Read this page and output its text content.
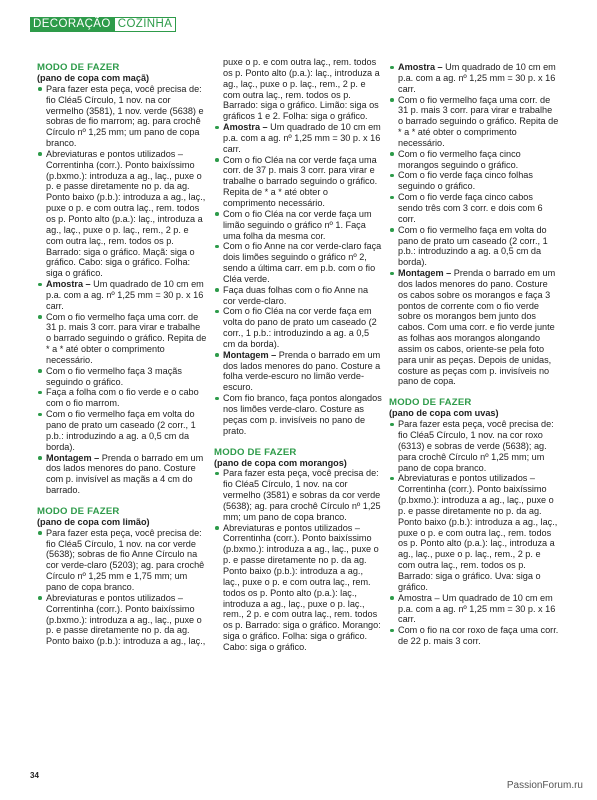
DECORAÇÃO COZINHA
MODO DE FAZER
(pano de copa com maçã)
Para fazer esta peça, você precisa de: fio Cléa5 Círculo, 1 nov. na cor vermelho (3581), 1 nov. verde (5638) e sobras de fio marrom; ag. para crochê Círculo nº 1,25 mm; um pano de copa branco.
Abreviaturas e pontos utilizados – Correntinha (corr.). Ponto baixíssimo (p.bxmo.): introduza a ag., laç., puxe o p. e passe diretamente no p. da ag. Ponto baixo (p.b.): introduza a ag., laç., puxe o p. e com outra laç., rem. todos os p. Ponto alto (p.a.): laç., introduza a ag., laç., puxe o p. laç., rem., 2 p. e com outra laç., rem. todos os p. Barrado: siga o gráfico. Maçã: siga o gráfico. Cabo: siga o gráfico. Folha: siga o gráfico.
Amostra – Um quadrado de 10 cm em p.a. com a ag. nº 1,25 mm = 30 p. x 16 carr.
Com o fio vermelho faça uma corr. de 31 p. mais 3 corr. para virar e trabalhe o barrado seguindo o gráfico. Repita de * a * até obter o comprimento necessário.
Com o fio vermelho faça 3 maçãs seguindo o gráfico.
Faça a folha com o fio verde e o cabo com o fio marrom.
Com o fio vermelho faça em volta do pano de prato um caseado (2 corr., 1 p.b.: introduzindo a ag. a 0,5 cm da borda).
Montagem – Prenda o barrado em um dos lados menores do pano. Costure com p. invisível as maçãs a 4 cm do barrado.
MODO DE FAZER
(pano de copa com limão)
Para fazer esta peça, você precisa de: fio Cléa5 Círculo, 1 nov. na cor verde (5638); sobras de fio Anne Círculo na cor verde-claro (5203); ag. para crochê Círculo nº 1,25 mm e 1,75 mm; um pano de copa branco.
Abreviaturas e pontos utilizados – Correntinha (corr.). Ponto baixíssimo (p.bxmo.): introduza a ag., laç., puxe o p. e passe diretamente no p. da ag. Ponto baixo (p.b.): introduza a ag., laç.,
puxe o p. e com outra laç., rem. todos os p. Ponto alto (p.a.): laç., introduza a ag., laç., puxe o p. laç., rem., 2 p. e com outra laç., rem. todos os p. Barrado: siga o gráfico. Limão: siga os gráficos 1 e 2. Folha: siga o gráfico.
Amostra – Um quadrado de 10 cm em p.a. com a ag. nº 1,25 mm = 30 p. x 16 carr.
Com o fio Cléa na cor verde faça uma corr. de 37 p. mais 3 corr. para virar e trabalhe o barrado seguindo o gráfico. Repita de * a * até obter o comprimento necessário.
Com o fio Cléa na cor verde faça um limão seguindo o gráfico nº 1. Faça uma folha da mesma cor.
Com o fio Anne na cor verde-claro faça dois limões seguindo o gráfico nº 2, sendo a última carr. em p.b. com o fio Cléa verde.
Faça duas folhas com o fio Anne na cor verde-claro.
Com o fio Cléa na cor verde faça em volta do pano de prato um caseado (2 corr., 1 p.b.: introduzindo a ag. a 0,5 cm da borda).
Montagem – Prenda o barrado em um dos lados menores do pano. Costure a folha verde-escuro no limão verde-escuro.
Com fio branco, faça pontos alongados nos limões verde-claro. Costure as peças com p. invisíveis no pano de prato.
MODO DE FAZER
(pano de copa com morangos)
Para fazer esta peça, você precisa de: fio Cléa5 Círculo, 1 nov. na cor vermelho (3581) e sobras da cor verde (5638); ag. para crochê Círculo nº 1,25 mm; um pano de copa branco.
Abreviaturas e pontos utilizados – Correntinha (corr.). Ponto baixíssimo (p.bxmo.): introduza a ag., laç., puxe o p. e passe diretamente no p. da ag. Ponto baixo (p.b.): introduza a ag., laç., puxe o p. e com outra laç., rem. todos os p. Ponto alto (p.a.): laç., introduza a ag., laç., puxe o p. laç., rem., 2 p. e com outra laç., rem. todos os p. Barrado: siga o gráfico. Morango: siga o gráfico. Folha: siga o gráfico. Cabo: siga o gráfico.
Amostra – Um quadrado de 10 cm em p.a. com a ag. nº 1,25 mm = 30 p. x 16 carr.
Com o fio vermelho faça uma corr. de 31 p. mais 3 corr. para virar e trabalhe o barrado seguindo o gráfico. Repita de * a * até obter o comprimento necessário.
Com o fio vermelho faça cinco morangos seguindo o gráfico.
Com o fio verde faça cinco folhas seguindo o gráfico.
Com o fio verde faça cinco cabos sendo três com 3 corr. e dois com 6 corr.
Com o fio vermelho faça em volta do pano de prato um caseado (2 corr., 1 p.b.: introduzindo a ag. a 0,5 cm da borda).
Montagem – Prenda o barrado em um dos lados menores do pano. Costure os cabos sobre os morangos e faça 3 pontos de corrente com o fio verde sobre os morangos bem junto dos cabos. Com uma corr. e fio verde junte as folhas aos morangos alongando assim os cabos, oriente-se pela foto para unir as peças. Depois de unidas, costure as peças com p. invisíveis no pano de copa.
MODO DE FAZER
(pano de copa com uvas)
Para fazer esta peça, você precisa de: fio Cléa5 Círculo, 1 nov. na cor roxo (6313) e sobras de verde (5638); ag. para crochê Círculo nº 1,25 mm; um pano de copa branco.
Abreviaturas e pontos utilizados – Correntinha (corr.). Ponto baixíssimo (p.bxmo.): introduza a ag., laç., puxe o p. e passe diretamente no p. da ag. Ponto baixo (p.b.): introduza a ag., laç., puxe o p. e com outra laç., rem. todos os p. Ponto alto (p.a.): laç., introduza a ag., laç., puxe o p. laç., rem., 2 p. e com outra laç., rem. todos os p. Barrado: siga o gráfico. Uva: siga o gráfico.
Amostra – Um quadrado de 10 cm em p.a. com a ag. nº 1,25 mm = 30 p. x 16 carr.
Com o fio na cor roxo de faça uma corr. de 22 p. mais 3 corr.
34
PassionForum.ru
